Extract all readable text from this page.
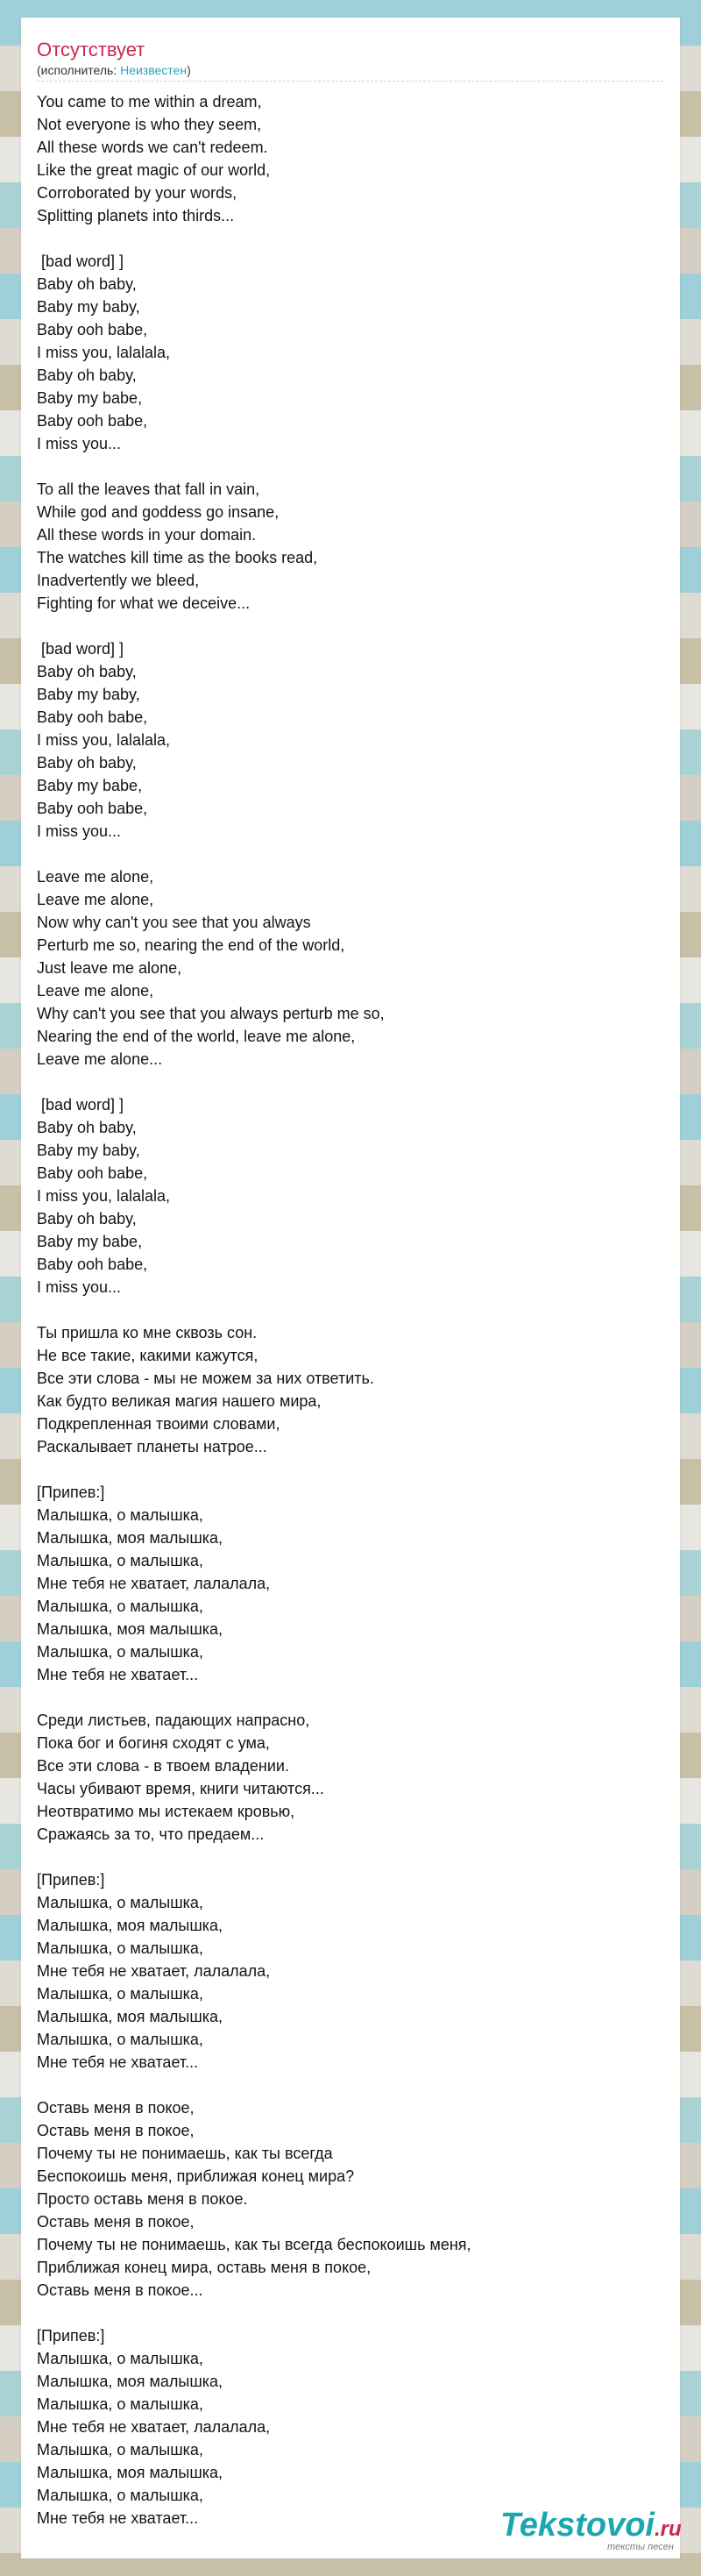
Отсутствует
(исполнитель: Неизвестен)
You came to me within a dream,
Not everyone is who they seem,
All these words we can't redeem.
Like the great magic of our world,
Corroborated by your words,
Splitting planets into thirds...

[bad word] ]
Baby oh baby,
Baby my baby,
Baby ooh babe,
I miss you, lalalala,
Baby oh baby,
Baby my babe,
Baby ooh babe,
I miss you...

To all the leaves that fall in vain,
While god and goddess go insane,
All these words in your domain.
The watches kill time as the books read,
Inadvertently we bleed,
Fighting for what we deceive...

[bad word] ]
Baby oh baby,
Baby my baby,
Baby ooh babe,
I miss you, lalalala,
Baby oh baby,
Baby my babe,
Baby ooh babe,
I miss you...

Leave me alone,
Leave me alone,
Now why can't you see that you always
Perturb me so, nearing the end of the world,
Just leave me alone,
Leave me alone,
Why can't you see that you always perturb me so,
Nearing the end of the world, leave me alone,
Leave me alone...

[bad word] ]
Baby oh baby,
Baby my baby,
Baby ooh babe,
I miss you, lalalala,
Baby oh baby,
Baby my babe,
Baby ooh babe,
I miss you...

Ты пришла ко мне сквозь сон.
Не все такие, какими кажутся,
Все эти слова - мы не можем за них ответить.
Как будто великая магия нашего мира,
Подкрепленная твоими словами,
Раскалывает планеты натрое...

[Припев:]
Малышка, о малышка,
Малышка, моя малышка,
Малышка, о малышка,
Мне тебя не хватает, лалалала,
Малышка, о малышка,
Малышка, моя малышка,
Малышка, о малышка,
Мне тебя не хватает...

Среди листьев, падающих напрасно,
Пока бог и богиня сходят с ума,
Все эти слова - в твоем владении.
Часы убивают время, книги читаются...
Неотвратимо мы истекаем кровью,
Сражаясь за то, что предаем...

[Припев:]
Малышка, о малышка,
Малышка, моя малышка,
Малышка, о малышка,
Мне тебя не хватает, лалалала,
Малышка, о малышка,
Малышка, моя малышка,
Малышка, о малышка,
Мне тебя не хватает...

Оставь меня в покое,
Оставь меня в покое,
Почему ты не понимаешь, как ты всегда
Беспокоишь меня, приближая конец мира?
Просто оставь меня в покое.
Оставь меня в покое,
Почему ты не понимаешь, как ты всегда беспокоишь меня,
Приближая конец мира, оставь меня в покое,
Оставь меня в покое...

[Припев:]
Малышка, о малышка,
Малышка, моя малышка,
Малышка, о малышка,
Мне тебя не хватает, лалалала,
Малышка, о малышка,
Малышка, моя малышка,
Малышка, о малышка,
Мне тебя не хватает...	Tekstovoi.ru
тексты песен
